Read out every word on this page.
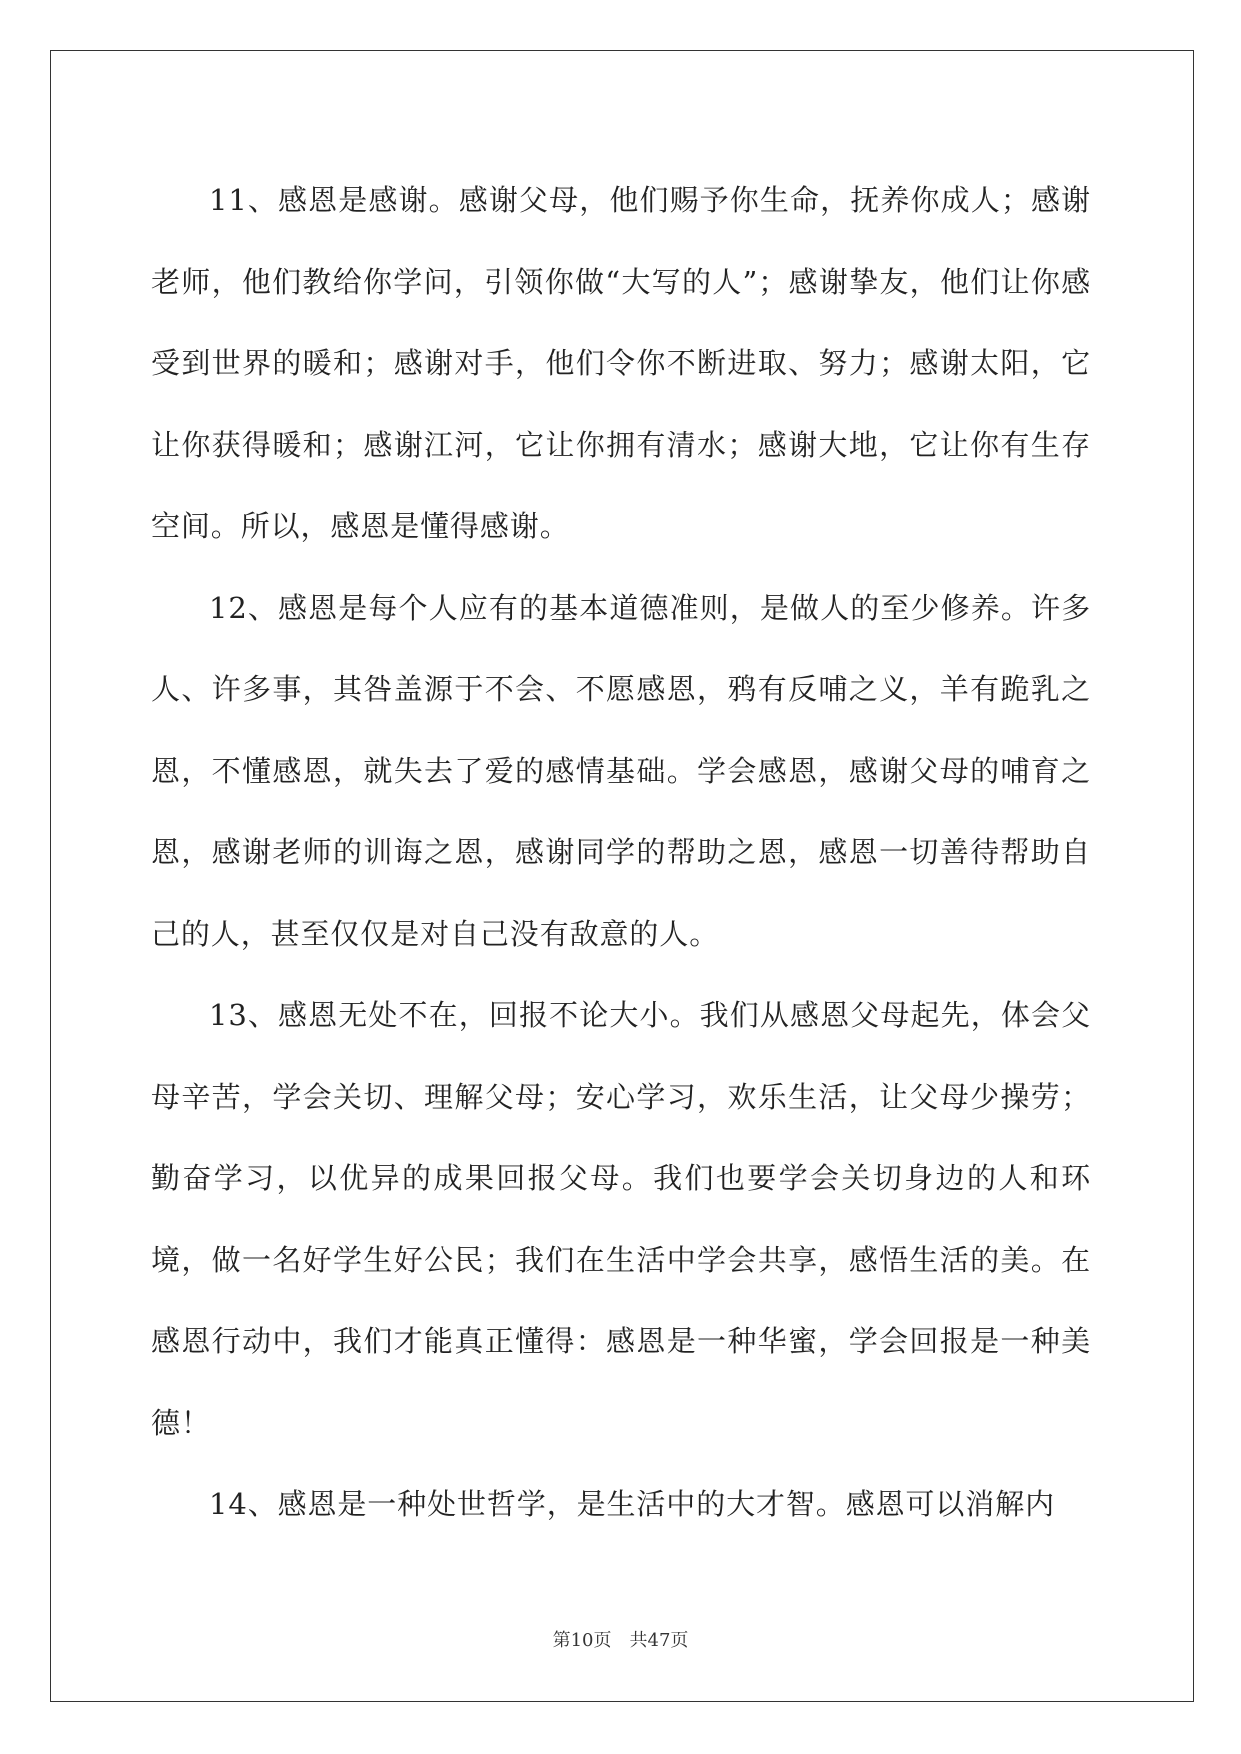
11、感恩是感谢。感谢父母，他们赐予你生命，抚养你成人；感谢老师，他们教给你学问，引领你做“大写的人”；感谢挚友，他们让你感受到世界的暖和；感谢对手，他们令你不断进取、努力；感谢太阳，它让你获得暖和；感谢江河，它让你拥有清水；感谢大地，它让你有生存空间。所以，感恩是懂得感谢。

12、感恩是每个人应有的基本道德准则，是做人的至少修养。许多人、许多事，其咎盖源于不会、不愿感恩，鸦有反哺之义，羊有跪乳之恩，不懂感恩，就失去了爱的感情基础。学会感恩，感谢父母的哺育之恩，感谢老师的训诲之恩，感谢同学的帮助之恩，感恩一切善待帮助自己的人，甚至仅仅是对自己没有敌意的人。

13、感恩无处不在，回报不论大小。我们从感恩父母起先，体会父母辛苦，学会关切、理解父母；安心学习，欢乐生活，让父母少操劳；勤奋学习，以优异的成果回报父母。我们也要学会关切身边的人和环境，做一名好学生好公民；我们在生活中学会共享，感悟生活的美。在感恩行动中，我们才能真正懂得：感恩是一种华蜜，学会回报是一种美德！

14、感恩是一种处世哲学，是生活中的大才智。感恩可以消解内

第10页　共47页
